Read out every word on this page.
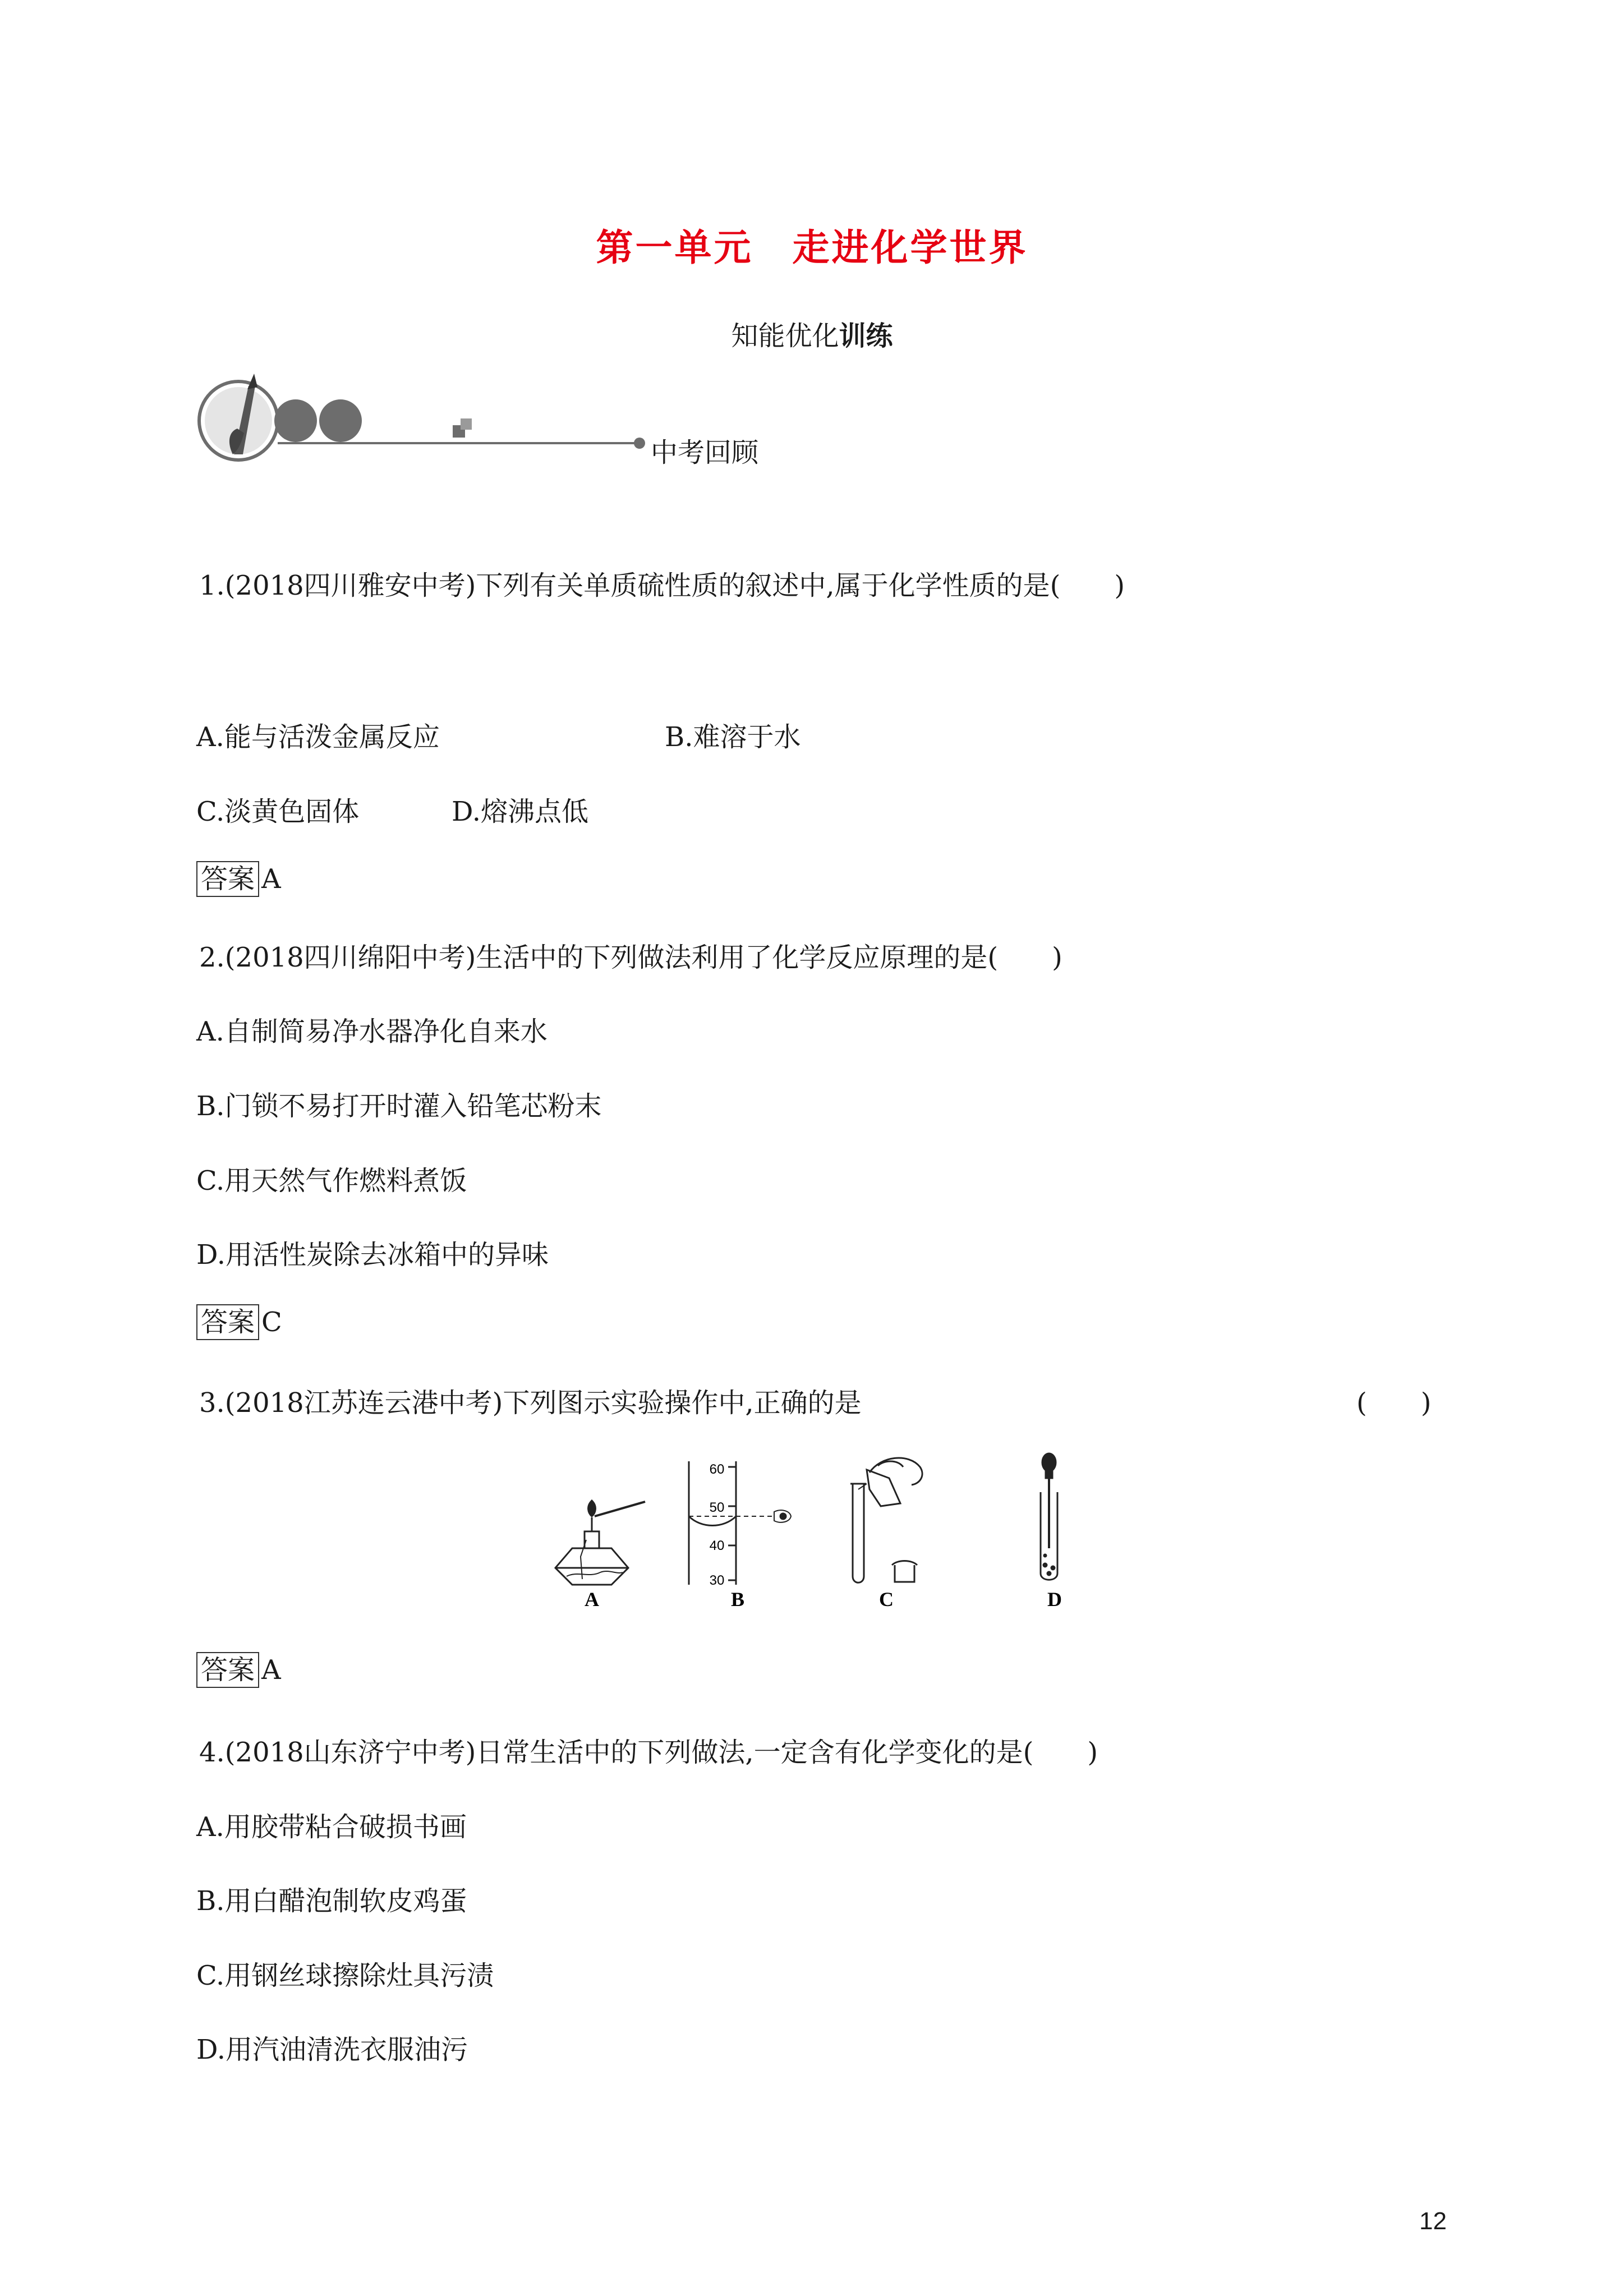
第一单元　走进化学世界
知能优化训练
中考回顾
1.(2018四川雅安中考)下列有关单质硫性质的叙述中,属于化学性质的是(　　)
A.能与活泼金属反应	B.难溶于水
C.淡黄色固体	D.熔沸点低
答案 A
2.(2018四川绵阳中考)生活中的下列做法利用了化学反应原理的是(　　)
A.自制简易净水器净化自来水
B.门锁不易打开时灌入铅笔芯粉末
C.用天然气作燃料煮饭
D.用活性炭除去冰箱中的异味
答案 C
3.(2018江苏连云港中考)下列图示实验操作中,正确的是	(　　)
A
60
50
40
30
B	C	D
答案 A
4.(2018山东济宁中考)日常生活中的下列做法,一定含有化学变化的是(　　)
A.用胶带粘合破损书画
B.用白醋泡制软皮鸡蛋
C.用钢丝球擦除灶具污渍
D.用汽油清洗衣服油污
12
